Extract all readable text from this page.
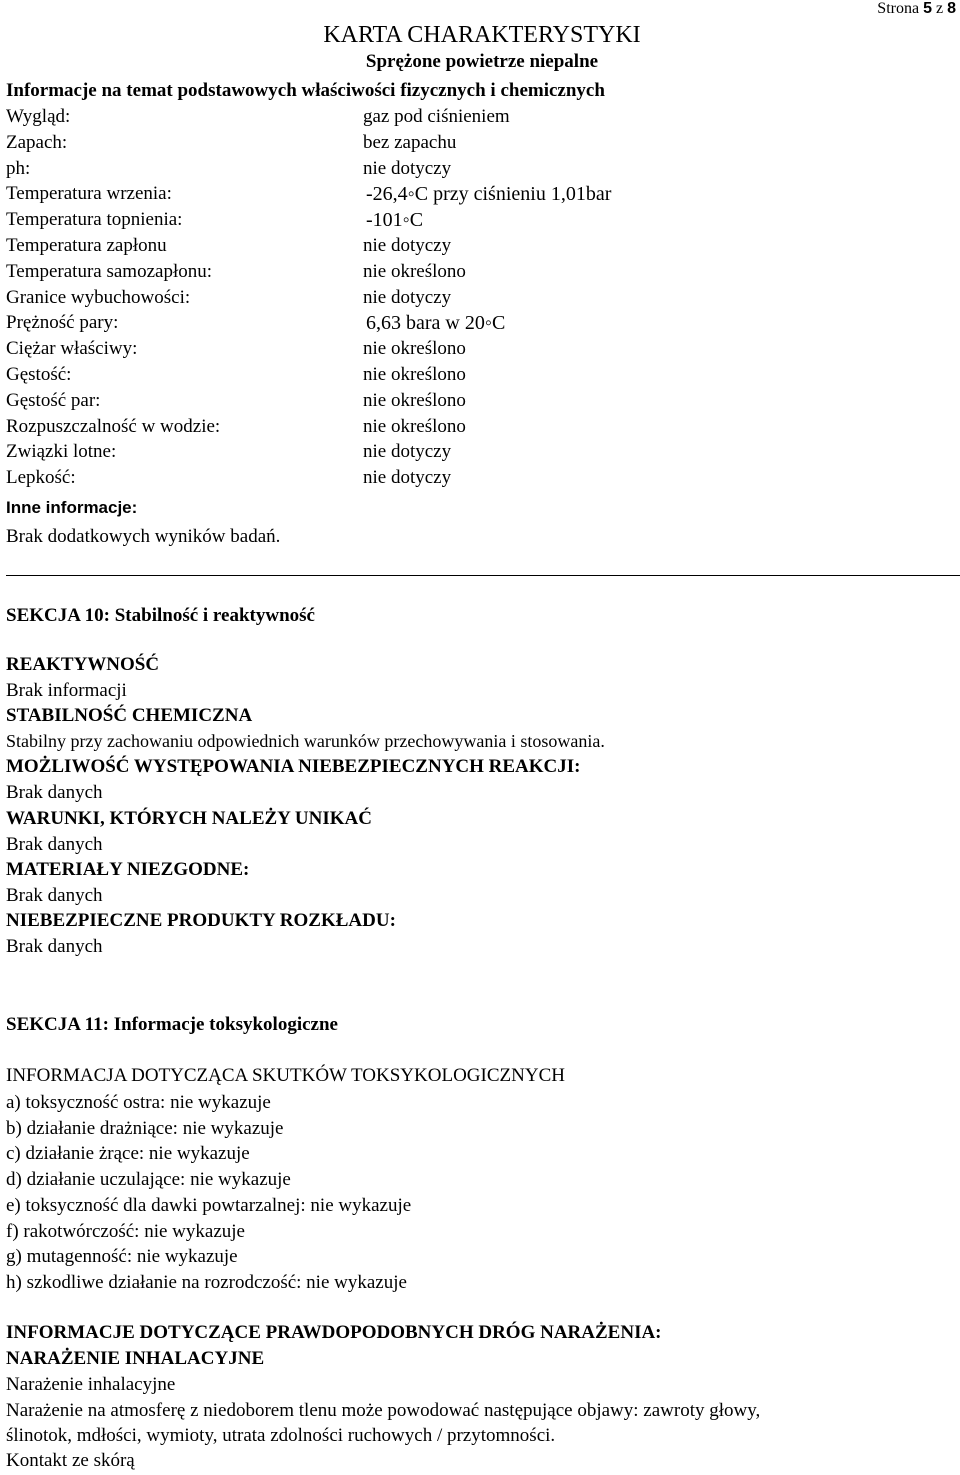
Strona 5 z 8
KARTA CHARAKTERYSTYKI
Sprężone powietrze niepalne
Informacje na temat podstawowych właściwości fizycznych i chemicznych
Wygląd:	gaz pod ciśnieniem
Zapach:	bez zapachu
ph:	nie dotyczy
Temperatura wrzenia:	-26,4◦C przy ciśnieniu 1,01bar
Temperatura topnienia:	-101◦C
Temperatura zapłonu	nie dotyczy
Temperatura samozapłonu:	nie określono
Granice wybuchowości:	nie dotyczy
Prężność pary:	6,63 bara w 20◦C
Ciężar właściwy:	nie określono
Gęstość:	nie określono
Gęstość par:	nie określono
Rozpuszczalność w wodzie:	nie określono
Związki lotne:	nie dotyczy
Lepkość:	nie dotyczy
Inne informacje:
Brak dodatkowych wyników badań.
SEKCJA 10: Stabilność i reaktywność
REAKTYWNOŚĆ
Brak informacji
STABILNOŚĆ CHEMICZNA
Stabilny przy zachowaniu odpowiednich warunków przechowywania i stosowania.
MOŻLIWOŚĆ WYSTĘPOWANIA NIEBEZPIECZNYCH REAKCJI:
Brak danych
WARUNKI, KTÓRYCH NALEŻY UNIKAĆ
Brak danych
MATERIAŁY NIEZGODNE:
Brak danych
NIEBEZPIECZNE PRODUKTY ROZKŁADU:
Brak danych
SEKCJA 11: Informacje toksykologiczne
INFORMACJA DOTYCZĄCA SKUTKÓW TOKSYKOLOGICZNYCH
a) toksyczność ostra: nie wykazuje
b) działanie drażniące: nie wykazuje
c) działanie żrące: nie wykazuje
d) działanie uczulające: nie wykazuje
e) toksyczność dla dawki powtarzalnej: nie wykazuje
f) rakotwórczość: nie wykazuje
g) mutagenność: nie wykazuje
h) szkodliwe działanie na rozrodczość: nie wykazuje
INFORMACJE DOTYCZĄCE PRAWDOPODOBNYCH DRÓG NARAŻENIA:
NARAŻENIE INHALACYJNE
Narażenie inhalacyjne
Narażenie na atmosferę z niedoborem tlenu może powodować następujące objawy: zawroty głowy,
ślinotok, mdłości, wymioty, utrata zdolności ruchowych / przytomności.
Kontakt ze skórą
